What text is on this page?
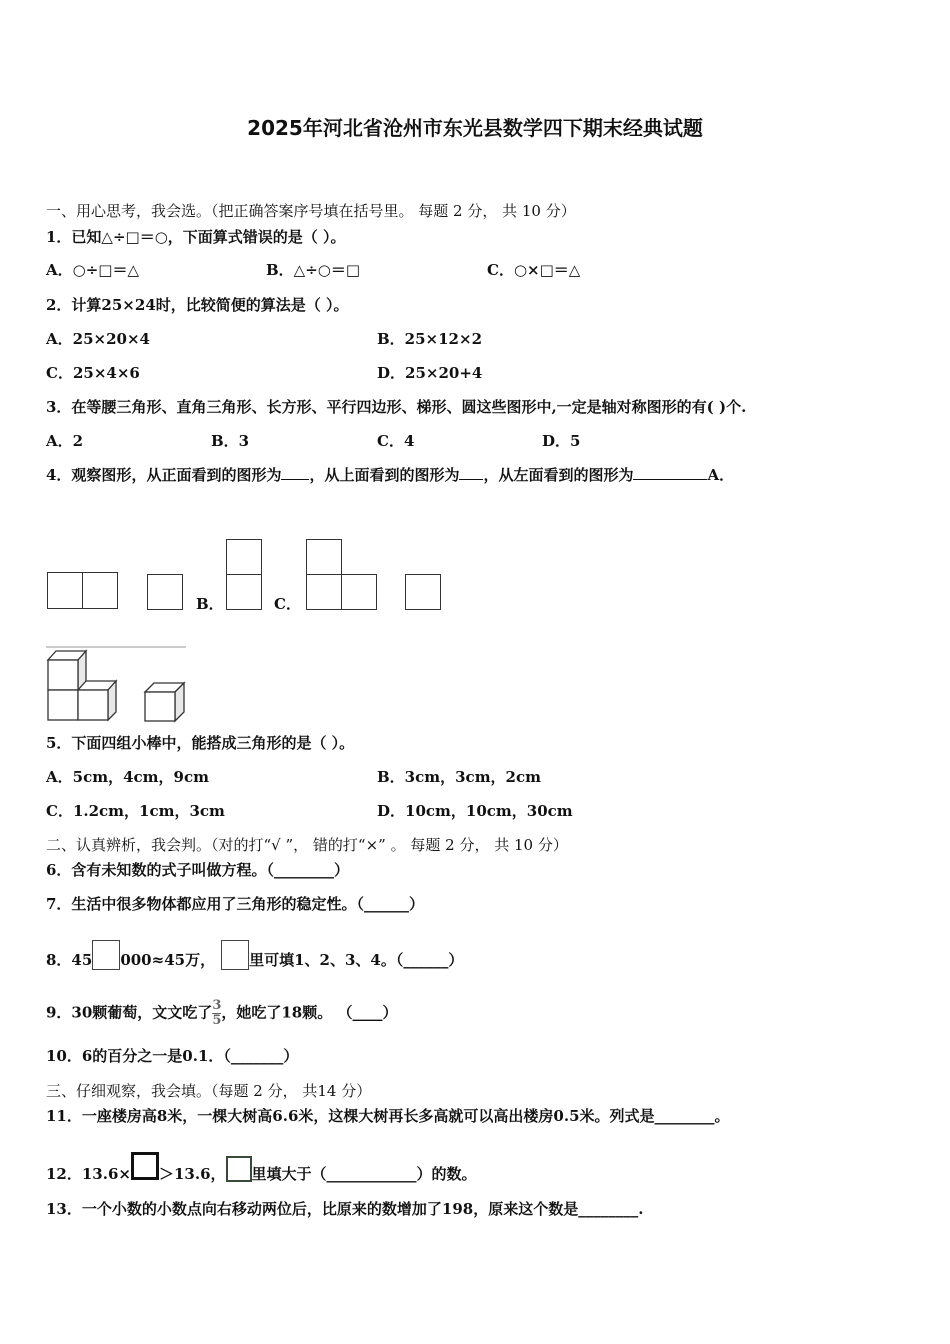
2025年河北省沧州市东光县数学四下期末经典试题
一、用心思考，我会选。（把正确答案序号填在括号里。 每题 2 分， 共 10 分）
1．已知△÷□＝○，下面算式错误的是（ ）。
A．○÷□＝△	B．△÷○＝□	C．○×□＝△
2．计算25×24时，比较简便的算法是（ ）。
A．25×20×4	B．25×12×2
C．25×4×6	D．25×20+4
3．在等腰三角形、直角三角形、长方形、平行四边形、梯形、圆这些图形中,一定是轴对称图形的有( )个.
A．2	B．3	C．4	D．5
4．观察图形，从正面看到的图形为 ，从上面看到的图形为 ，从左面看到的图形为	A．
B．	C．
5．下面四组小棒中，能搭成三角形的是（ ）。
A．5cm，4cm，9cm	B．3cm，3cm，2cm
C．1.2cm，1cm，3cm	D．10cm，10cm，30cm
二、认真辨析，我会判。（对的打“√ ”， 错的打“×” 。 每题 2 分， 共 10 分）
6．含有未知数的式子叫做方程。（________）
7．生活中很多物体都应用了三角形的稳定性。（______）
8．45 000≈45万， 里可填1、2、3、4。（______）
9．30颗葡萄，文文吃了 $\frac{3}{5}$ ，她吃了18颗。 （____）
10．6的百分之一是0.1．（_______）
三、仔细观察，我会填。（每题 2 分， 共14 分）
11．一座楼房高8米，一棵大树高6.6米，这棵大树再长多高就可以高出楼房0.5米。列式是________。
12．13.6× ＞13.6， 里填大于（____________）的数。
13．一个小数的小数点向右移动两位后，比原来的数增加了198，原来这个数是________.
